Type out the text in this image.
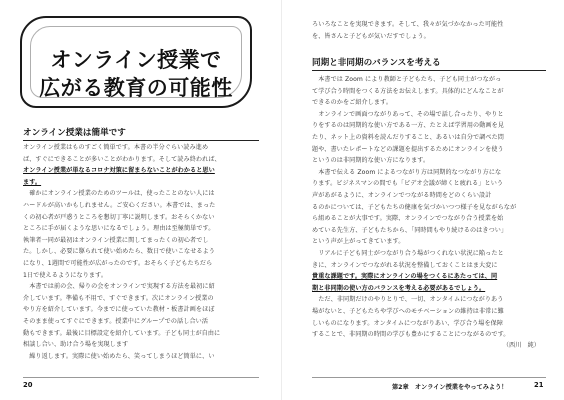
オンライン授業で
広がる教育の可能性
オンライン授業は簡単です
オンライン授業はものすごく簡単です。本書の半分ぐらい読み進め
ば、すぐにできることが多いことがわかります。そして読み終われば、
オンライン授業が単なるコロナ対策に留まらないことがわかると思い
ます。
　確かにオンライン授業のためのツールは、使ったことのない人には
ハードルが高いかもしれません。ご安心ください。本書では、まった
くの初心者が戸惑うところを懇切丁寧に説明します。おそらくかない
ところに手が届くような思いになるでしょう。理由は至極簡単です。
執筆者一同が最初はオンライン授業に関してまったくの初心者でし
た。しかし、必要に駆られて使い始めたら、数日で使いこなせるよう
になり、1週間で可能性が広がったのです。おそらく子どもたちだら
1日で使えるようになります。
　本書では前の会、帰りの会をオンラインで実現する方法を最初に紹
介しています。準備も不用で、すぐできます。次にオンライン授業の
やり方を紹介しています。今までに使っていた教材・板書計画をほぼ
そのまま使ってすぐにできます。授業中にグループでの話し合い活
動もできます。最後に目標設定を紹介しています。子ども同士が自由に
相談し合い、助け合う場を実現します
　繰り返します。実際に使い始めたら、笑ってしまうほど簡単に、い
20
ろいろなことを実現できます。そして、我々が気づかなかった可能性
を、皆さんと子どもが気いだすでしょう。
同期と非同期のバランスを考える
　本書では Zoom により教師と子どもたち、子ども同士がつながっ
て学び合う時間をつくる方法をお伝えします。具体的にどんなことが
できるのかをご紹介します。
　オンラインで画面つながりあって、その場で話し合ったり、やりと
りをするのは同期的な使い方である一方、たとえば学習用の動画を見
たり、ネット上の資料を読んだりすること、あるいは自分で調べた問
題や、書いたレポートなどの課題を提出するためにオンラインを使う
というのは非同期的な使い方になります。
　本書で伝える Zoom によるつながり方は同期的なつながり方にな
ります。ビジネスマンの間でも「ビデオ会議が締くと疲れる」という
声があがるように、オンラインでつながる時間をどのくらい設計
るのかについては、子どもたちの健康を気づかいつつ様子を見ながらなが
ら組めることが大事です。実際、オンラインでつながり合う授業を始
めている先生方、子どもたちから、「同時間もやり続けるのはきつい」
という声が上がってきています。
　リアルに子ども同士がつながり合う場がつくれない状況に陥ったと
きに、オンラインでつながれる状況を整備しておくことはま大変に
貴重な課題です。実際にオンラインの場をつくるにあたっては、同
期と非同期の使い方のバランスを考える必要があるでしょう。
　ただ、非同期だけのやりとりで、一切、オンタイムにつながりあう
場がないと、子どもたちや学びへのモチベーションの維持は非常に難
しいものになります。オンタイムにつながりあい、学び合う場を保障
することで、非同期の時間の学びも豊かにすることにつながるのです。
（西川　純）
第2章　オンライン授業をやってみよう！	21
